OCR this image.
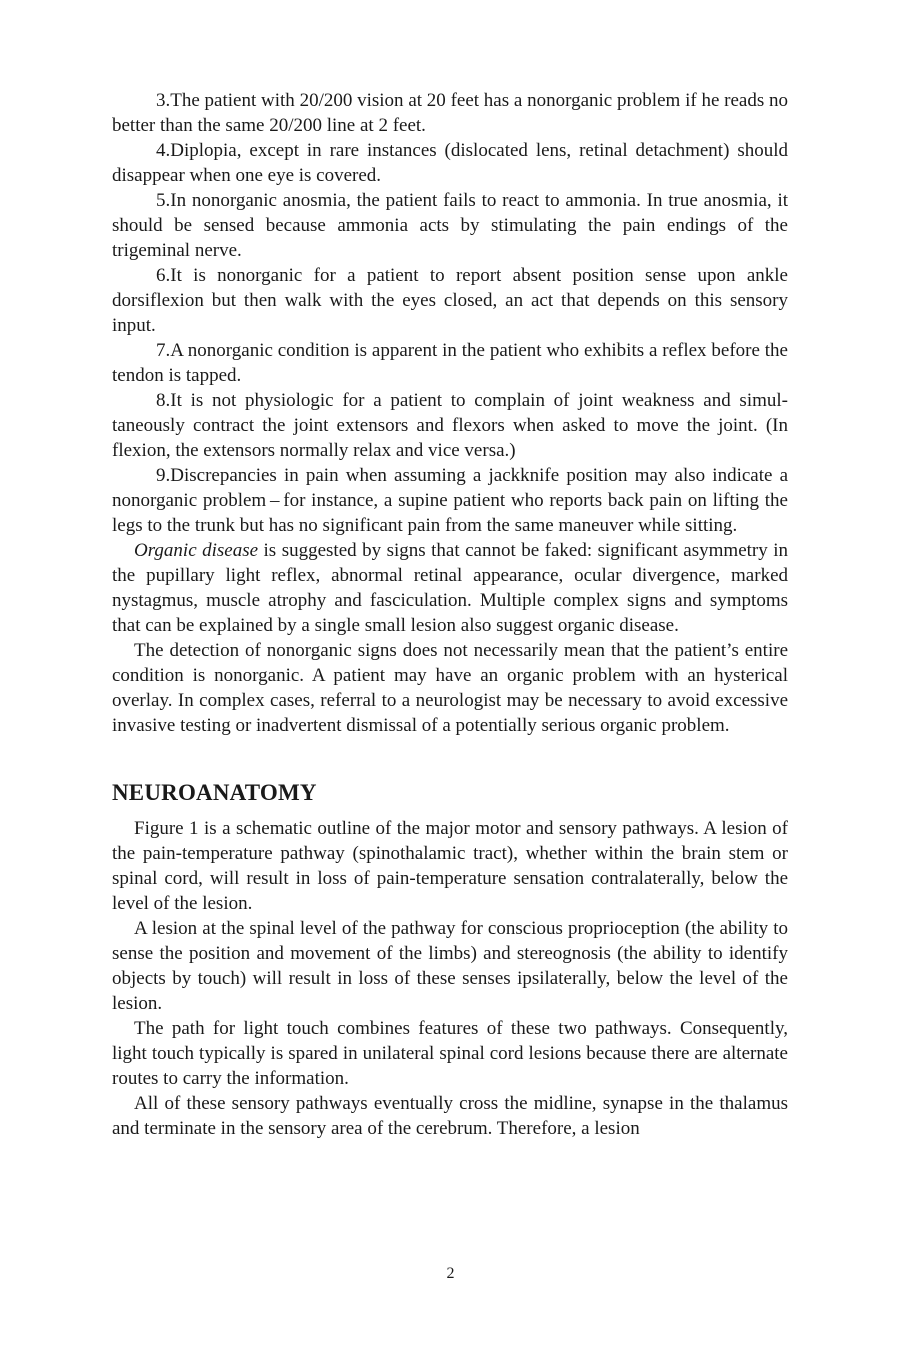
3.The patient with 20/200 vision at 20 feet has a nonorganic problem if he reads no better than the same 20/200 line at 2 feet.

4.Diplopia, except in rare instances (dislocated lens, retinal detachment) should disappear when one eye is covered.

5.In nonorganic anosmia, the patient fails to react to ammonia. In true anosmia, it should be sensed because ammonia acts by stimulating the pain endings of the trigeminal nerve.

6.It is nonorganic for a patient to report absent position sense upon ankle dorsiflexion but then walk with the eyes closed, an act that depends on this sensory input.

7.A nonorganic condition is apparent in the patient who exhibits a reflex before the tendon is tapped.

8.It is not physiologic for a patient to complain of joint weakness and simultaneously contract the joint extensors and flexors when asked to move the joint. (In flexion, the extensors normally relax and vice versa.)

9.Discrepancies in pain when assuming a jackknife position may also indicate a nonorganic problem – for instance, a supine patient who reports back pain on lifting the legs to the trunk but has no significant pain from the same maneuver while sitting.

Organic disease is suggested by signs that cannot be faked: significant asymmetry in the pupillary light reflex, abnormal retinal appearance, ocular divergence, marked nystagmus, muscle atrophy and fasciculation. Multiple complex signs and symptoms that can be explained by a single small lesion also suggest organic disease.

The detection of nonorganic signs does not necessarily mean that the patient’s entire condition is nonorganic. A patient may have an organic problem with an hysterical overlay. In complex cases, referral to a neurologist may be necessary to avoid excessive invasive testing or inadvertent dismissal of a potentially serious organic problem.

NEUROANATOMY

Figure 1 is a schematic outline of the major motor and sensory pathways. A lesion of the pain-temperature pathway (spinothalamic tract), whether within the brain stem or spinal cord, will result in loss of pain-temperature sensation contralaterally, below the level of the lesion.

A lesion at the spinal level of the pathway for conscious proprioception (the ability to sense the position and movement of the limbs) and stereognosis (the ability to identify objects by touch) will result in loss of these senses ipsilaterally, below the level of the lesion.

The path for light touch combines features of these two pathways. Consequently, light touch typically is spared in unilateral spinal cord lesions because there are alternate routes to carry the information.

All of these sensory pathways eventually cross the midline, synapse in the thalamus and terminate in the sensory area of the cerebrum. Therefore, a lesion

2
